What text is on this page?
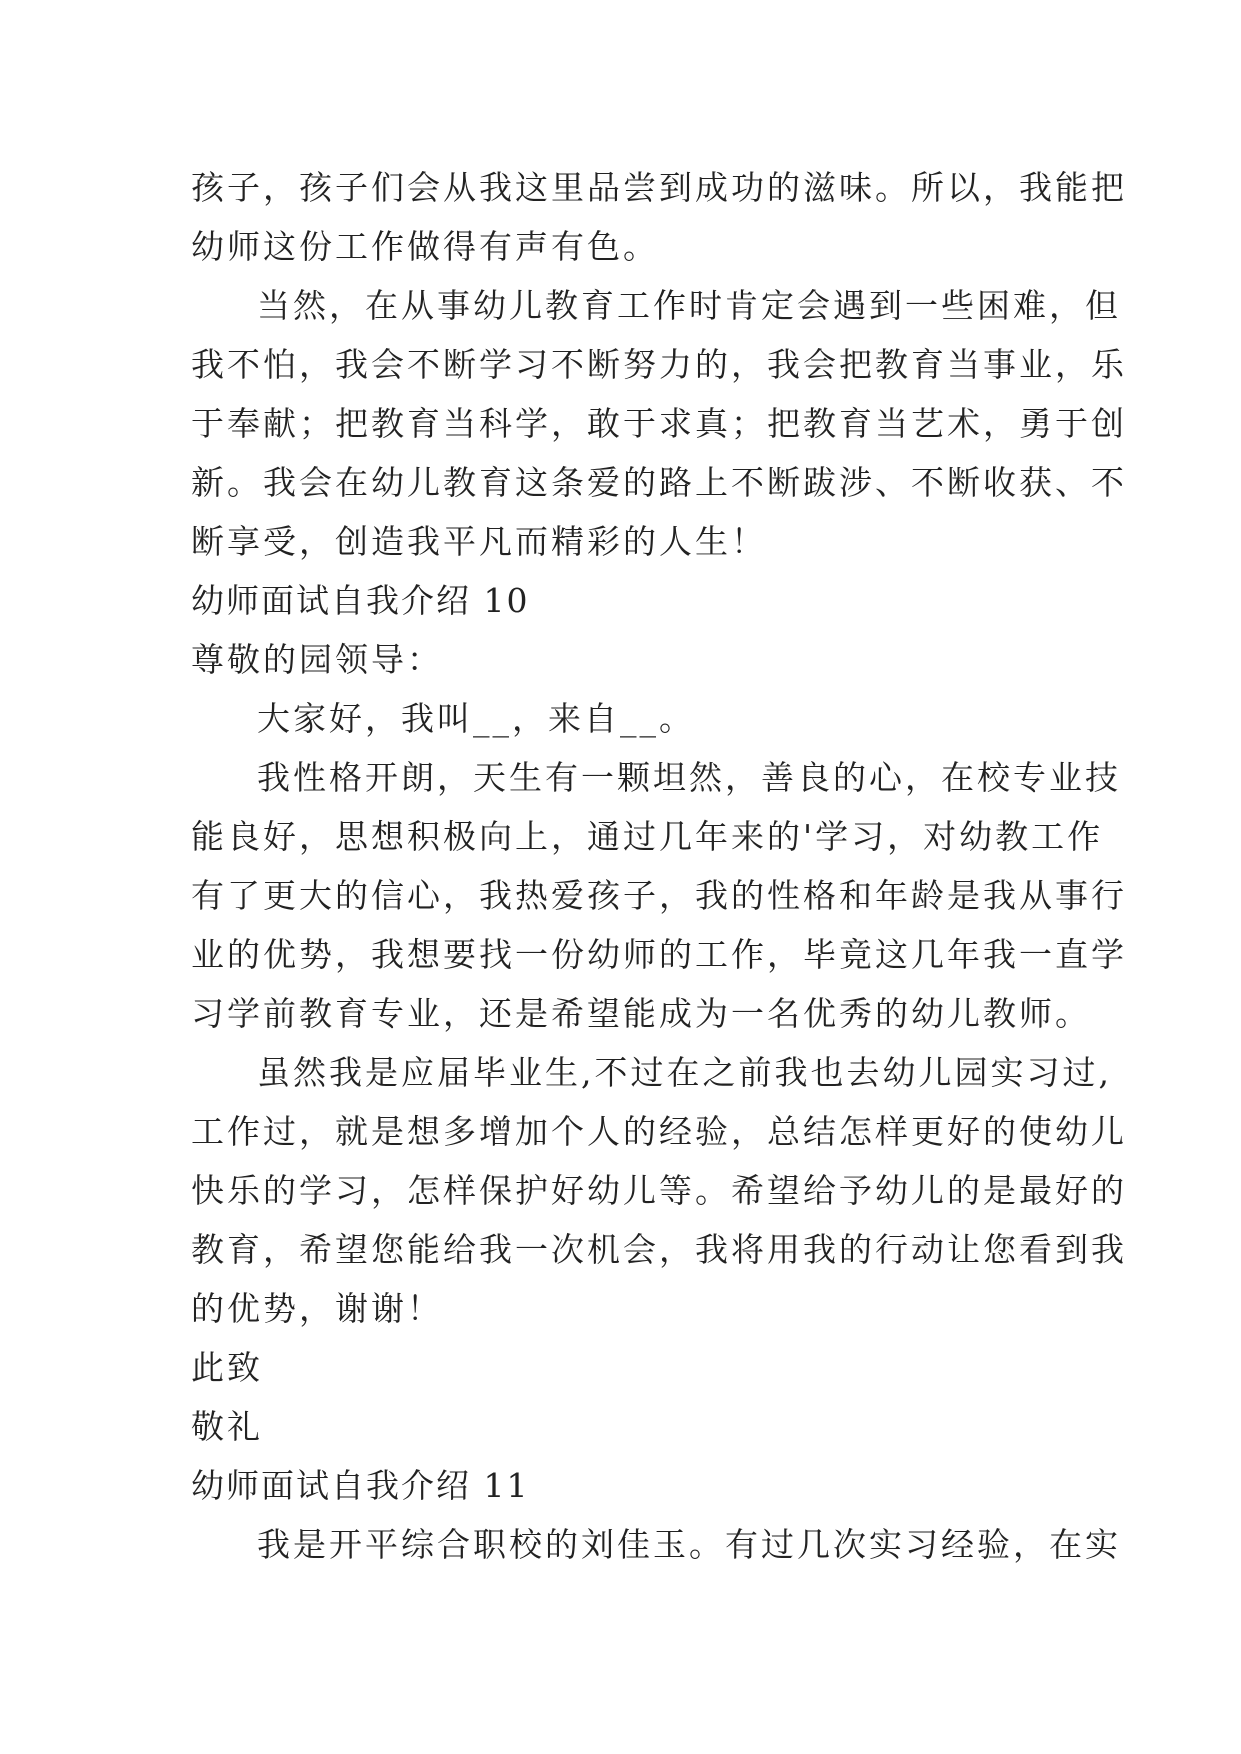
孩子，孩子们会从我这里品尝到成功的滋味。所以，我能把
幼师这份工作做得有声有色。
当然，在从事幼儿教育工作时肯定会遇到一些困难，但
我不怕，我会不断学习不断努力的，我会把教育当事业，乐
于奉献；把教育当科学，敢于求真；把教育当艺术，勇于创
新。我会在幼儿教育这条爱的路上不断跋涉、不断收获、不
断享受，创造我平凡而精彩的人生！
幼师面试自我介绍 10
尊敬的园领导：
大家好，我叫__，来自__。
我性格开朗，天生有一颗坦然，善良的心，在校专业技
能良好，思想积极向上，通过几年来的'学习，对幼教工作
有了更大的信心，我热爱孩子，我的性格和年龄是我从事行
业的优势，我想要找一份幼师的工作，毕竟这几年我一直学
习学前教育专业，还是希望能成为一名优秀的幼儿教师。
虽然我是应届毕业生,不过在之前我也去幼儿园实习过,
工作过，就是想多增加个人的经验，总结怎样更好的使幼儿
快乐的学习，怎样保护好幼儿等。希望给予幼儿的是最好的
教育，希望您能给我一次机会，我将用我的行动让您看到我
的优势，谢谢！
此致
敬礼
幼师面试自我介绍 11
我是开平综合职校的刘佳玉。有过几次实习经验，在实
